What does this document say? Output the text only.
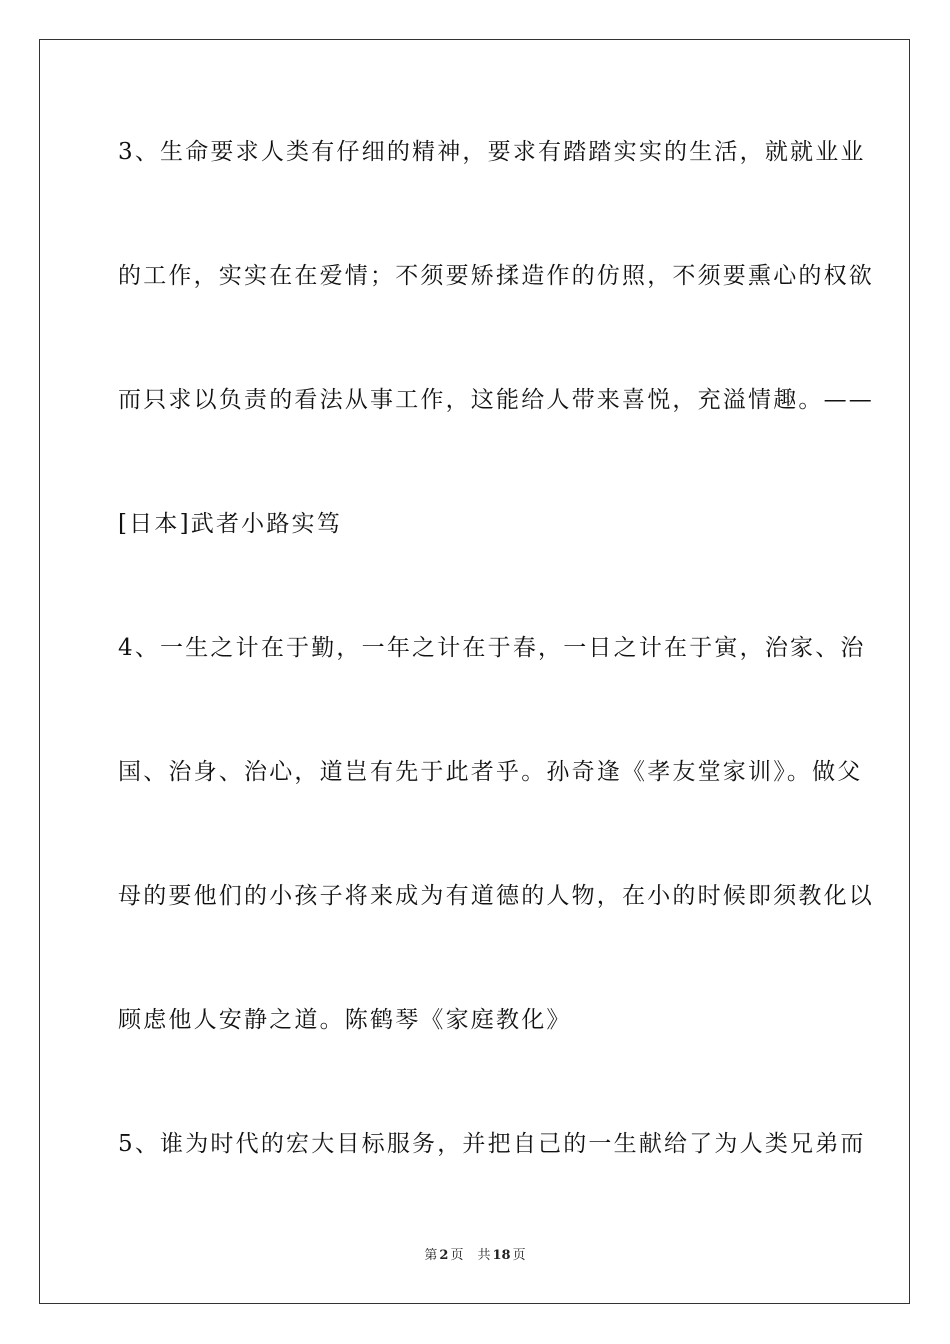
3、生命要求人类有仔细的精神，要求有踏踏实实的生活，就就业业
的工作，实实在在爱情；不须要矫揉造作的仿照，不须要熏心的权欲
而只求以负责的看法从事工作，这能给人带来喜悦，充溢情趣。——
[日本]武者小路实笃
4、一生之计在于勤，一年之计在于春，一日之计在于寅，治家、治
国、治身、治心，道岂有先于此者乎。孙奇逢《孝友堂家训》。做父
母的要他们的小孩子将来成为有道德的人物，在小的时候即须教化以
顾虑他人安静之道。陈鹤琴《家庭教化》
5、谁为时代的宏大目标服务，并把自己的一生献给了为人类兄弟而
第 2 页 共 18 页
